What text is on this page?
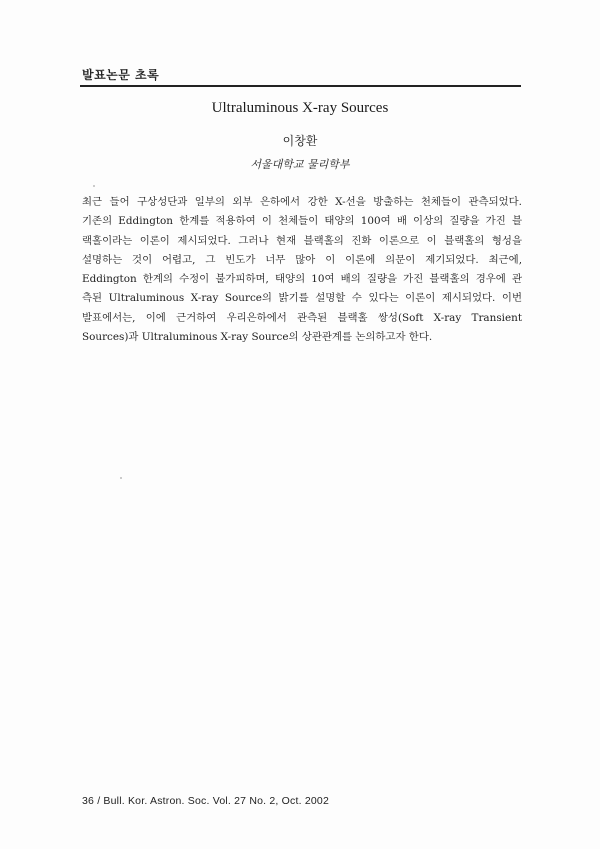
발표논문 초록
Ultraluminous X-ray Sources
이창환
서울대학교 물리학부
최근 들어 구상성단과 일부의 외부 은하에서 강한 X-선을 방출하는 천체들이 관측되었다.
기존의 Eddington 한계를 적용하여 이 천체들이 태양의 100여 배 이상의 질량을 가진 블
랙홀이라는 이론이 제시되었다. 그러나 현재 블랙홀의 진화 이론으로 이 블랙홀의 형성을
설명하는 것이 어렵고, 그 빈도가 너무 많아 이 이론에 의문이 제기되었다. 최근에,
Eddington 한계의 수정이 불가피하며, 태양의 10여 배의 질량을 가진 블랙홀의 경우에 관
측된 Ultraluminous X-ray Source의 밝기를 설명할 수 있다는 이론이 제시되었다. 이번
발표에서는, 이에 근거하여 우리은하에서 관측된 블랙홀 쌍성(Soft X-ray Transient
Sources)과 Ultraluminous X-ray Source의 상관관계를 논의하고자 한다.
36 / Bull. Kor. Astron. Soc. Vol. 27 No. 2, Oct. 2002
